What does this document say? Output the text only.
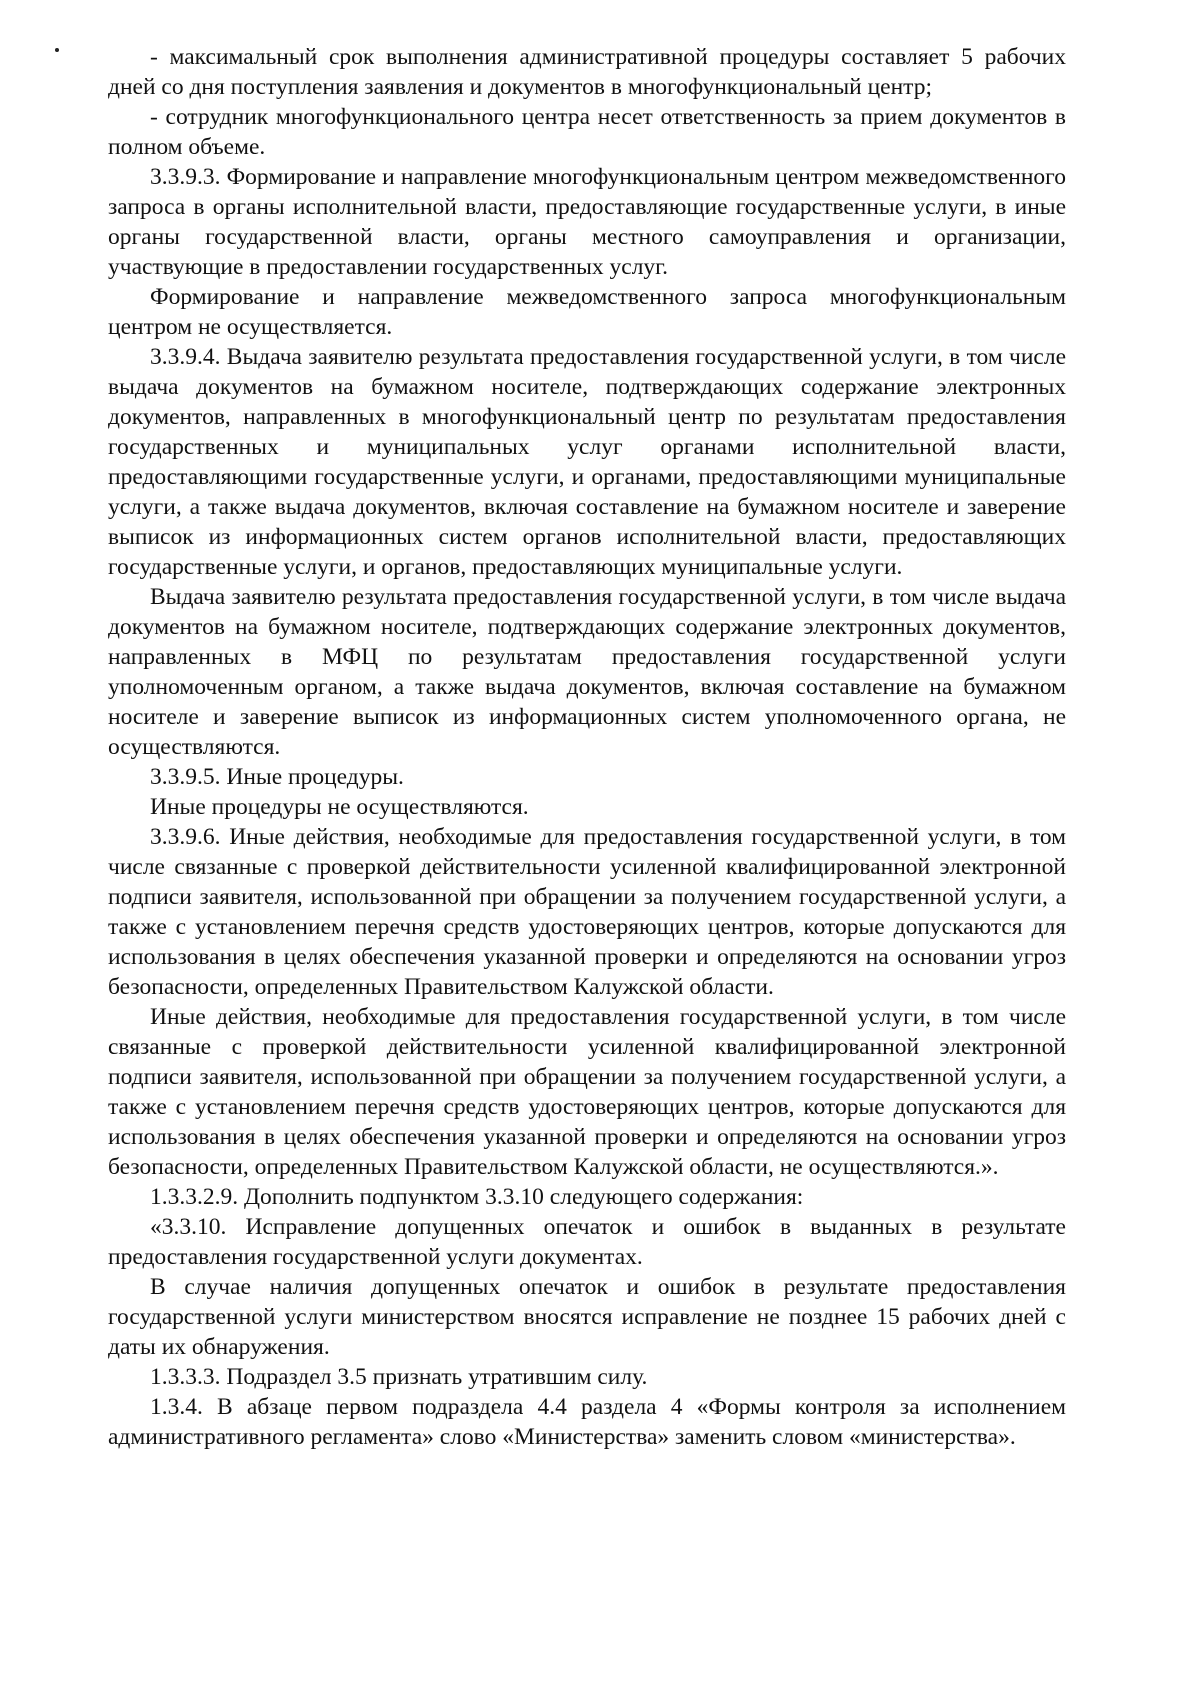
- максимальный срок выполнения административной процедуры составляет 5 рабочих дней со дня поступления заявления и документов в многофункциональный центр;

- сотрудник многофункционального центра несет ответственность за прием документов в полном объеме.

3.3.9.3. Формирование и направление многофункциональным центром межведомственного запроса в органы исполнительной власти, предоставляющие государственные услуги, в иные органы государственной власти, органы местного самоуправления и организации, участвующие в предоставлении государственных услуг.

Формирование и направление межведомственного запроса многофункциональным центром не осуществляется.

3.3.9.4. Выдача заявителю результата предоставления государственной услуги, в том числе выдача документов на бумажном носителе, подтверждающих содержание электронных документов, направленных в многофункциональный центр по результатам предоставления государственных и муниципальных услуг органами исполнительной власти, предоставляющими государственные услуги, и органами, предоставляющими муниципальные услуги, а также выдача документов, включая составление на бумажном носителе и заверение выписок из информационных систем органов исполнительной власти, предоставляющих государственные услуги, и органов, предоставляющих муниципальные услуги.

Выдача заявителю результата предоставления государственной услуги, в том числе выдача документов на бумажном носителе, подтверждающих содержание электронных документов, направленных в МФЦ по результатам предоставления государственной услуги уполномоченным органом, а также выдача документов, включая составление на бумажном носителе и заверение выписок из информационных систем уполномоченного органа, не осуществляются.

3.3.9.5. Иные процедуры.

Иные процедуры не осуществляются.

3.3.9.6. Иные действия, необходимые для предоставления государственной услуги, в том числе связанные с проверкой действительности усиленной квалифицированной электронной подписи заявителя, использованной при обращении за получением государственной услуги, а также с установлением перечня средств удостоверяющих центров, которые допускаются для использования в целях обеспечения указанной проверки и определяются на основании угроз безопасности, определенных Правительством Калужской области.

Иные действия, необходимые для предоставления государственной услуги, в том числе связанные с проверкой действительности усиленной квалифицированной электронной подписи заявителя, использованной при обращении за получением государственной услуги, а также с установлением перечня средств удостоверяющих центров, которые допускаются для использования в целях обеспечения указанной проверки и определяются на основании угроз безопасности, определенных Правительством Калужской области, не осуществляются.».

1.3.3.2.9. Дополнить подпунктом 3.3.10 следующего содержания:

«3.3.10. Исправление допущенных опечаток и ошибок в выданных в результате предоставления государственной услуги документах.

В случае наличия допущенных опечаток и ошибок в результате предоставления государственной услуги министерством вносятся исправление не позднее 15 рабочих дней с даты их обнаружения.

1.3.3.3. Подраздел 3.5 признать утратившим силу.

1.3.4. В абзаце первом подраздела 4.4 раздела 4 «Формы контроля за исполнением административного регламента» слово «Министерства» заменить словом «министерства».
